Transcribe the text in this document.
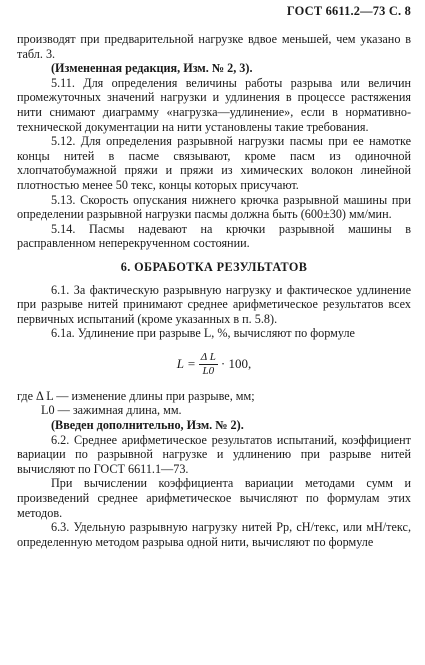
ГОСТ 6611.2—73 С. 8

производят при предварительной нагрузке вдвое меньшей, чем указано в табл. 3.

(Измененная редакция, Изм. № 2, 3).

5.11. Для определения величины работы разрыва или величин промежуточных значений нагрузки и удлинения в процессе растяжения нити снимают диаграмму «нагрузка—удлинение», если в нормативно-технической документации на нити установлены такие требования.

5.12. Для определения разрывной нагрузки пасмы при ее намотке концы нитей в пасме связывают, кроме пасм из одиночной хлопчатобумажной пряжи и пряжи из химических волокон линейной плотностью менее 50 текс, концы которых присучают.

5.13. Скорость опускания нижнего крючка разрывной машины при определении разрывной нагрузки пасмы должна быть (600±30) мм/мин.

5.14. Пасмы надевают на крючки разрывной машины в расправленном неперекрученном состоянии.

6. ОБРАБОТКА РЕЗУЛЬТАТОВ

6.1. За фактическую разрывную нагрузку и фактическое удлинение при разрыве нитей принимают среднее арифметическое результатов всех первичных испытаний (кроме указанных в п. 5.8).

6.1а. Удлинение при разрыве L, %, вычисляют по формуле

$L = \frac{\text{Δ L}}{L0} \cdot 100$,

где Δ L — изменение длины при разрыве, мм;

L0 — зажимная длина, мм.

(Введен дополнительно, Изм. № 2).

6.2. Среднее арифметическое результатов испытаний, коэффициент вариации по разрывной нагрузке и удлинению при разрыве нитей вычисляют по ГОСТ 6611.1—73.

При вычислении коэффициента вариации методами сумм и произведений среднее арифметическое вычисляют по формулам этих методов.

6.3. Удельную разрывную нагрузку нитей Pр, сН/текс, или мН/текс, определенную методом разрыва одной нити, вычисляют по формуле
